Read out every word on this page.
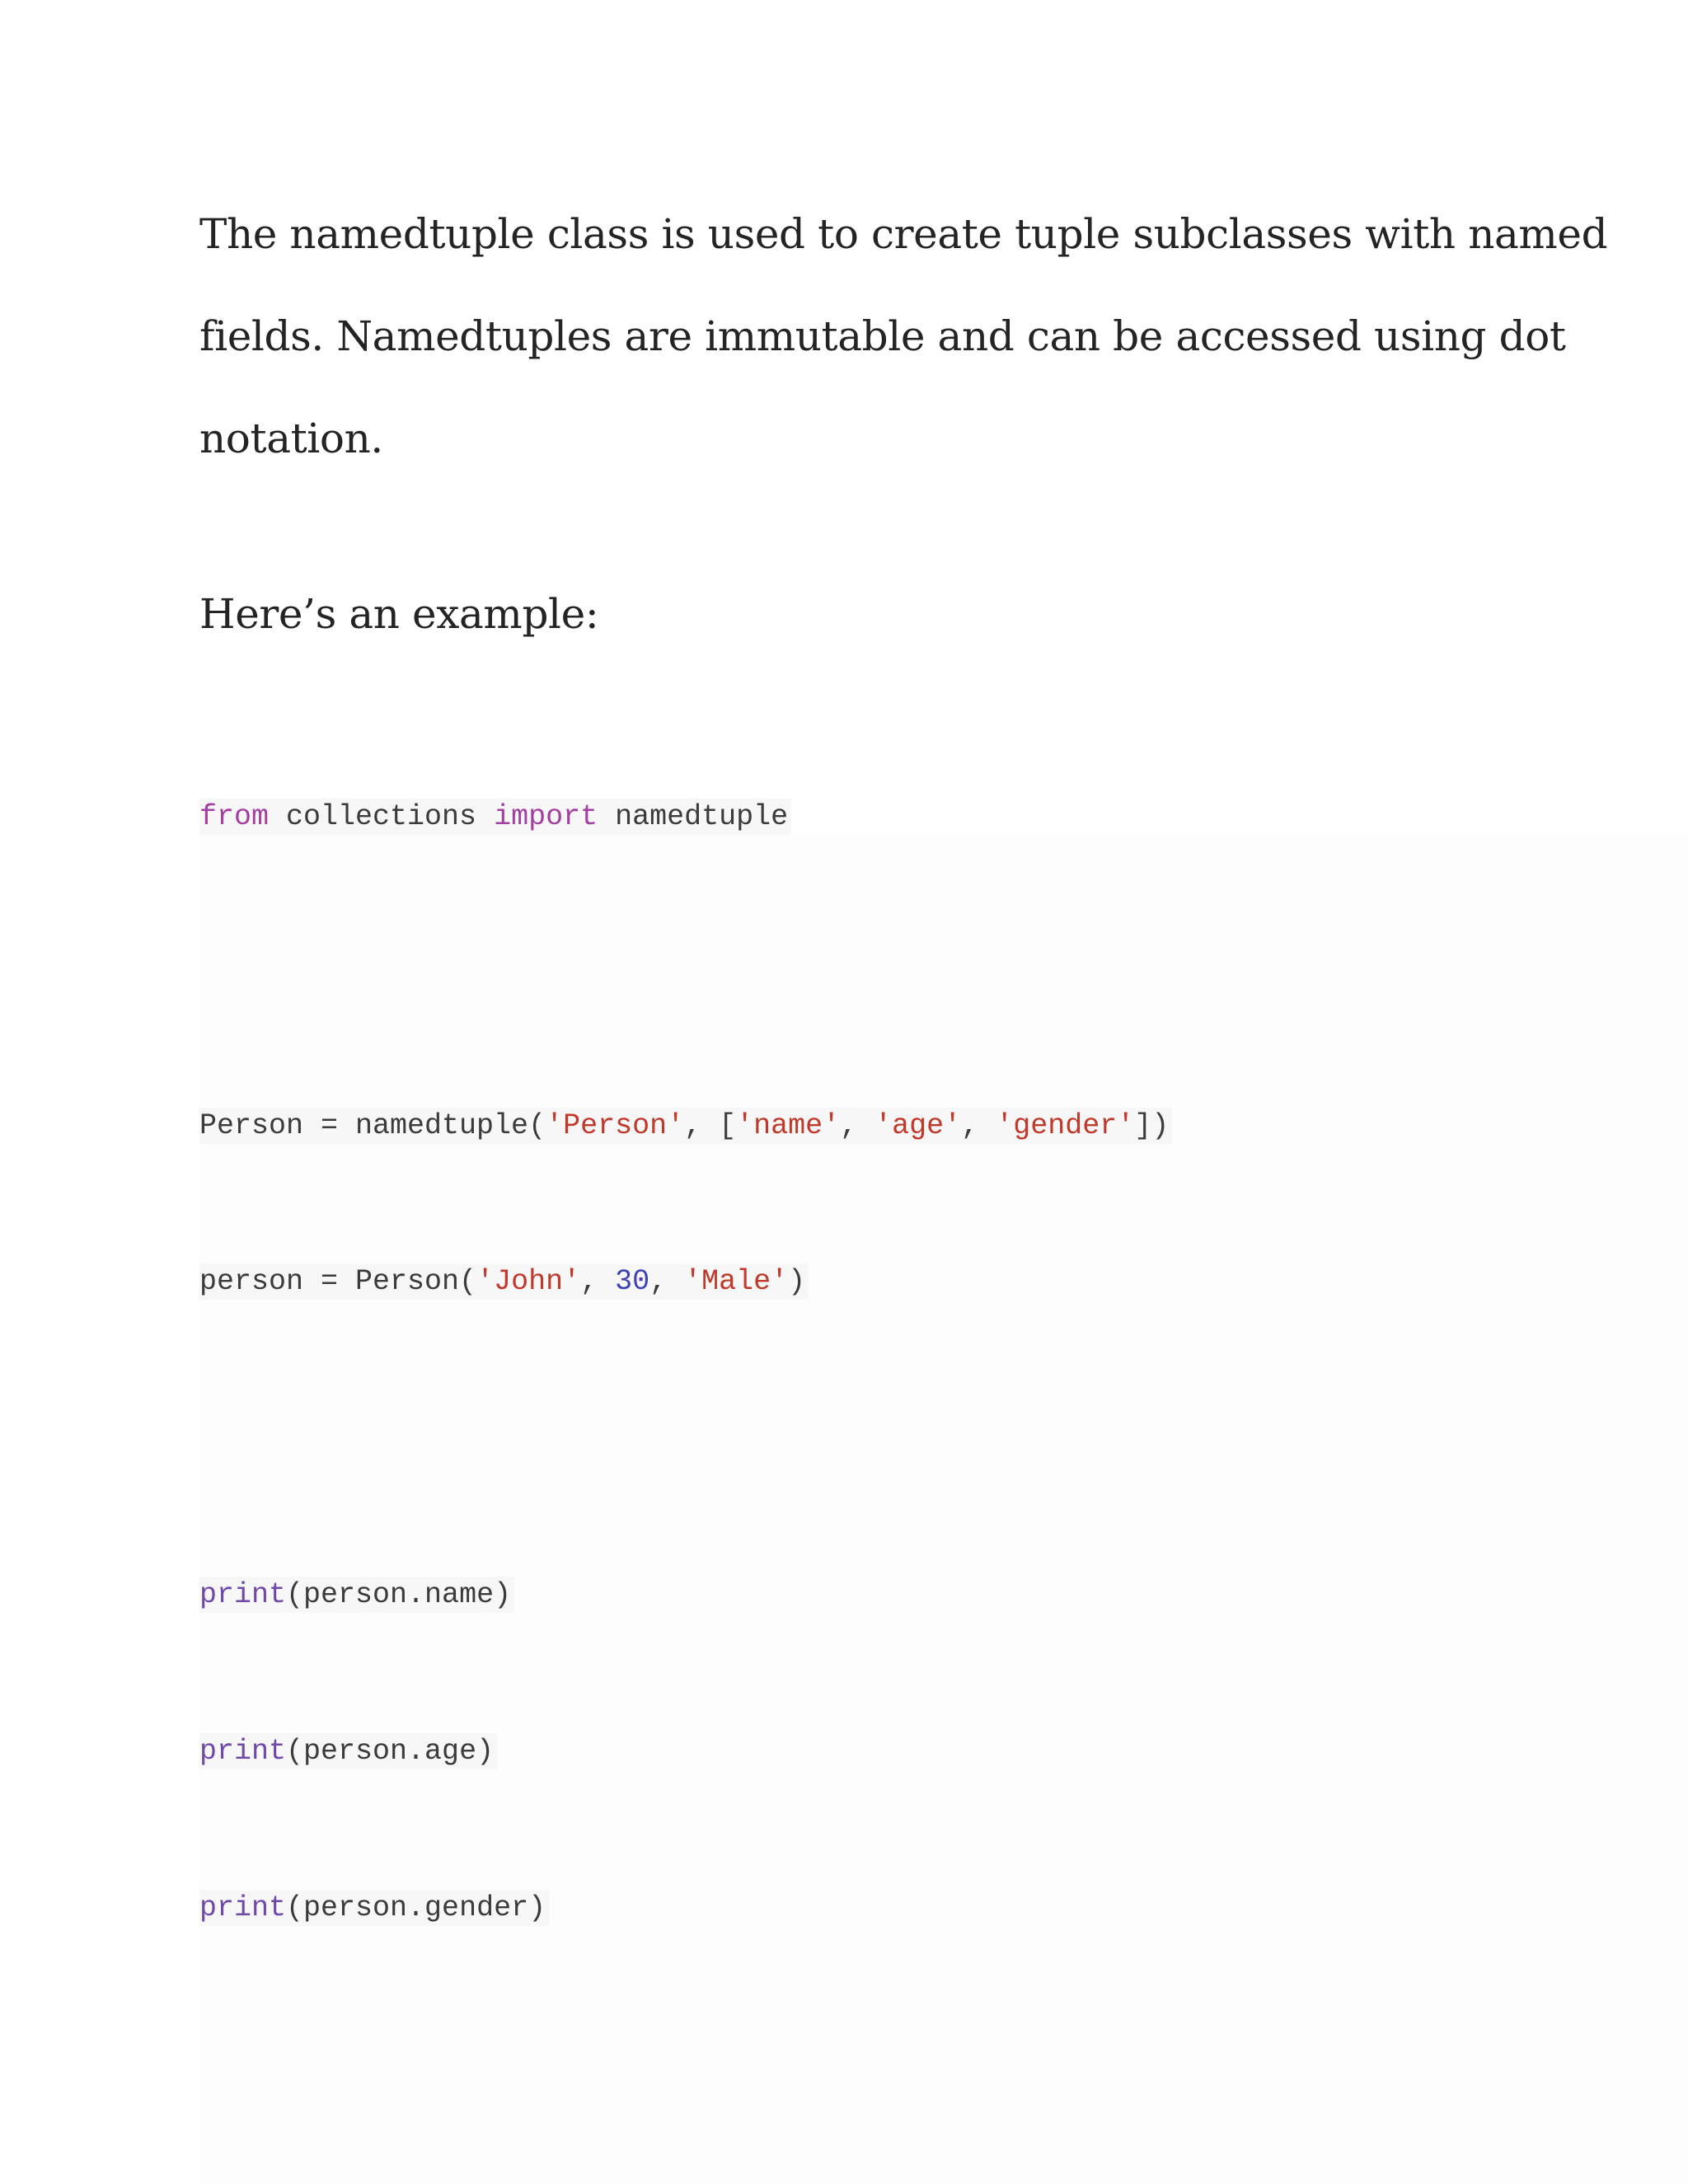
The namedtuple class is used to create tuple subclasses with named
fields. Namedtuples are immutable and can be accessed using dot
notation.

Here’s an example:

from collections import namedtuple
Person = namedtuple('Person', ['name', 'age', 'gender'])
person = Person('John', 30, 'Male')
print(person.name)
print(person.age)
print(person.gender)
